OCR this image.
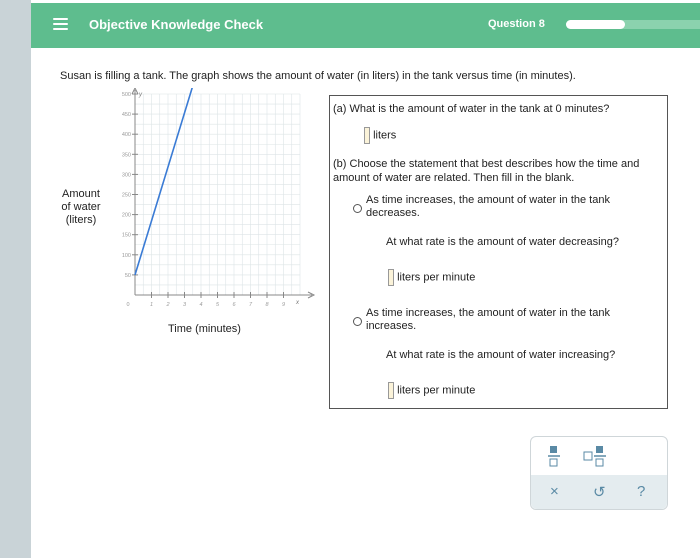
Objective Knowledge Check	Question 8
Susan is filling a tank. The graph shows the amount of water (in liters) in the tank versus time (in minutes).
y
x
50
100
150
200
250
300
350
400
450
500
1 2 3 4 5 6 7 8 9
0
Amount
of water
(liters)
Time (minutes)
(a) What is the amount of water in the tank at 0 minutes?
liters
(b) Choose the statement that best describes how the time and amount of water are related. Then fill in the blank.
As time increases, the amount of water in the tank decreases.
At what rate is the amount of water decreasing?
liters per minute
As time increases, the amount of water in the tank increases.
At what rate is the amount of water increasing?
liters per minute
× ↺ ?
